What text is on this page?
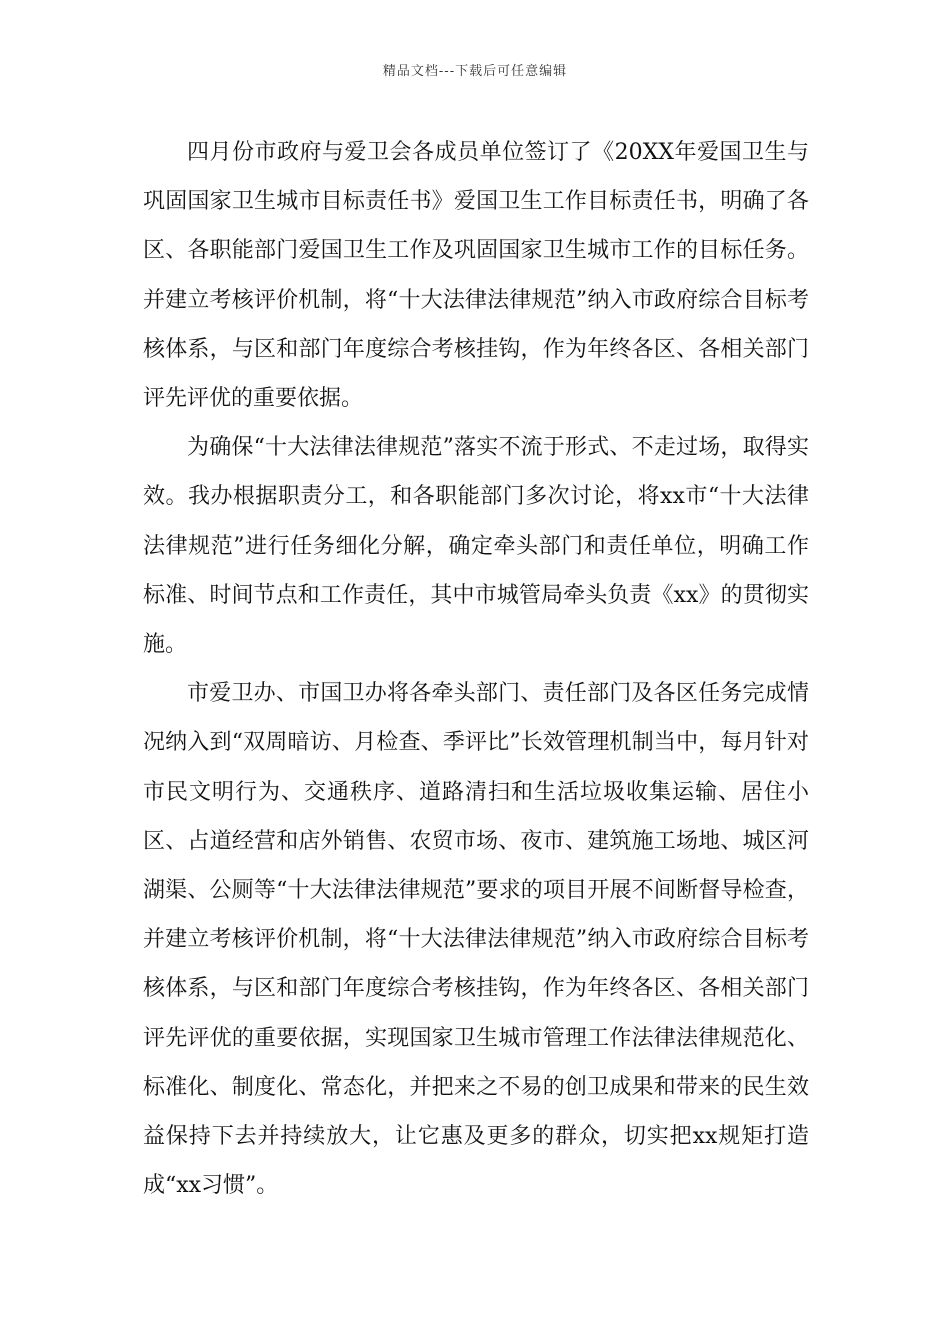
精品文档---下载后可任意编辑

四月份市政府与爱卫会各成员单位签订了《20XX年爱国卫生与巩固国家卫生城市目标责任书》爱国卫生工作目标责任书，明确了各区、各职能部门爱国卫生工作及巩固国家卫生城市工作的目标任务。并建立考核评价机制，将“十大法律法律规范”纳入市政府综合目标考核体系，与区和部门年度综合考核挂钩，作为年终各区、各相关部门评先评优的重要依据。

为确保“十大法律法律规范”落实不流于形式、不走过场，取得实效。我办根据职责分工，和各职能部门多次讨论，将xx市“十大法律法律规范”进行任务细化分解，确定牵头部门和责任单位，明确工作标准、时间节点和工作责任，其中市城管局牵头负责《xx》的贯彻实施。

市爱卫办、市国卫办将各牵头部门、责任部门及各区任务完成情况纳入到“双周暗访、月检查、季评比”长效管理机制当中，每月针对市民文明行为、交通秩序、道路清扫和生活垃圾收集运输、居住小区、占道经营和店外销售、农贸市场、夜市、建筑施工场地、城区河湖渠、公厕等“十大法律法律规范”要求的项目开展不间断督导检查，并建立考核评价机制，将“十大法律法律规范”纳入市政府综合目标考核体系，与区和部门年度综合考核挂钩，作为年终各区、各相关部门评先评优的重要依据，实现国家卫生城市管理工作法律法律规范化、标准化、制度化、常态化，并把来之不易的创卫成果和带来的民生效益保持下去并持续放大，让它惠及更多的群众，切实把xx规矩打造成“xx习惯”。
